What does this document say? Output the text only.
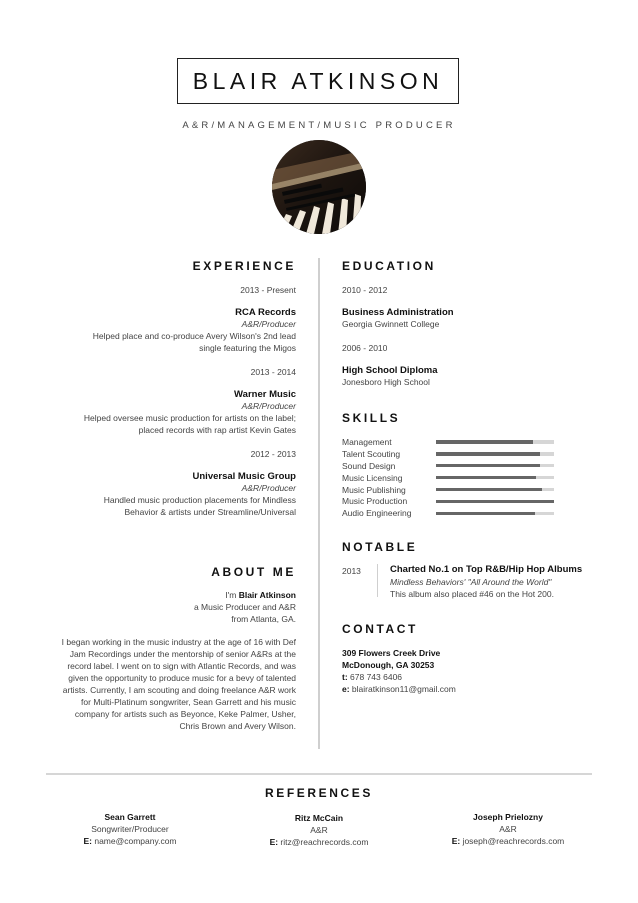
BLAIR ATKINSON
A&R/MANAGEMENT/MUSIC PRODUCER
EXPERIENCE
2013 - Present
RCA Records
A&R/Producer
Helped place and co-produce Avery Wilson's 2nd lead
single featuring the Migos
2013 - 2014
Warner Music
A&R/Producer
Helped oversee music production for artists on the label;
placed records with rap artist Kevin Gates
2012 - 2013
Universal Music Group
A&R/Producer
Handled music production placements for Mindless
Behavior & artists under Streamline/Universal
ABOUT ME
I'm Blair Atkinson
a Music Producer and A&R
from Atlanta, GA.
I began working in the music industry at the age of 16 with Def
Jam Recordings under the mentorship of senior A&Rs at the
record label. I went on to sign with Atlantic Records, and was
given the opportunity to produce music for a bevy of talented
artists. Currently, I am scouting and doing freelance A&R work
for Multi-Platinum songwriter, Sean Garrett and his music
company for artists such as Beyonce, Keke Palmer, Usher,
Chris Brown and Avery Wilson.
EDUCATION
2010 - 2012
Business Administration
Georgia Gwinnett College
2006 - 2010
High School Diploma
Jonesboro High School
SKILLS
Management
Talent Scouting
Sound Design
Music Licensing
Music Publishing
Music Production
Audio Engineering
NOTABLE
2013	Charted No.1 on Top R&B/Hip Hop Albums
Mindless Behaviors' "All Around the World"
This album also placed #46 on the Hot 200.
CONTACT
309 Flowers Creek Drive
McDonough, GA 30253
t: 678 743 6406
e: blairatkinson11@gmail.com
REFERENCES
Sean Garrett
Songwriter/Producer
E: name@company.com
Ritz McCain
A&R
E: ritz@reachrecords.com
Joseph Prielozny
A&R
E: joseph@reachrecords.com
